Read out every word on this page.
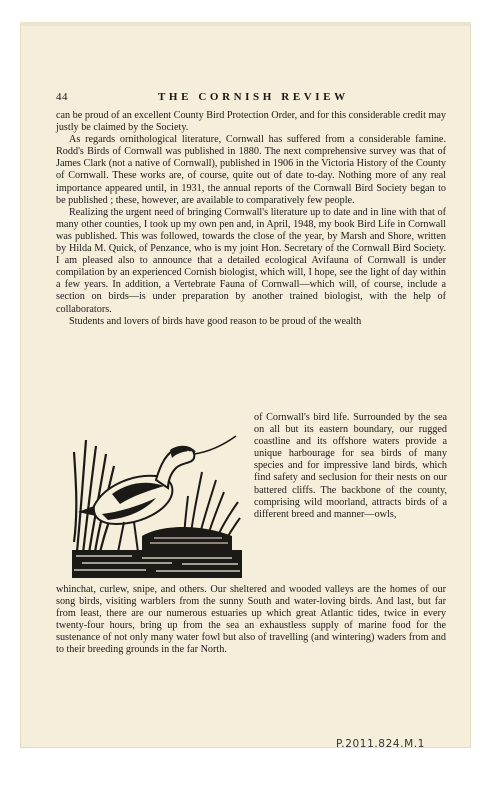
44	THE CORNISH REVIEW

can be proud of an excellent County Bird Protection Order, and for this considerable credit may justly be claimed by the Society.

As regards ornithological literature, Cornwall has suffered from a considerable famine. Rodd's Birds of Cornwall was published in 1880. The next comprehensive survey was that of James Clark (not a native of Cornwall), published in 1906 in the Victoria History of the County of Cornwall. These works are, of course, quite out of date to-day. Nothing more of any real importance appeared until, in 1931, the annual reports of the Cornwall Bird Society began to be published ; these, however, are available to comparatively few people.

Realizing the urgent need of bringing Cornwall's literature up to date and in line with that of many other counties, I took up my own pen and, in April, 1948, my book Bird Life in Cornwall was published. This was followed, towards the close of the year, by Marsh and Shore, written by Hilda M. Quick, of Penzance, who is my joint Hon. Secretary of the Cornwall Bird Society. I am pleased also to announce that a detailed ecological Avifauna of Cornwall is under compilation by an experienced Cornish biologist, which will, I hope, see the light of day within a few years. In addition, a Vertebrate Fauna of Cornwall—which will, of course, include a section on birds—is under preparation by another trained biologist, with the help of collaborators.

Students and lovers of birds have good reason to be proud of the wealth

AVOCET

of Cornwall's bird life. Surrounded by the sea on all but its eastern boundary, our rugged coastline and its offshore waters provide a unique harbourage for sea birds of many species and for impressive land birds, which find safety and seclusion for their nests on our battered cliffs. The backbone of the county, comprising wild moorland, attracts birds of a different breed and manner—owls,

whinchat, curlew, snipe, and others. Our sheltered and wooded valleys are the homes of our song birds, visiting warblers from the sunny South and water-loving birds. And last, but far from least, there are our numerous estuaries up which great Atlantic tides, twice in every twenty-four hours, bring up from the sea an exhaustless supply of marine food for the sustenance of not only many water fowl but also of travelling (and wintering) waders from and to their breeding grounds in the far North.

P.2011.824.M.1
